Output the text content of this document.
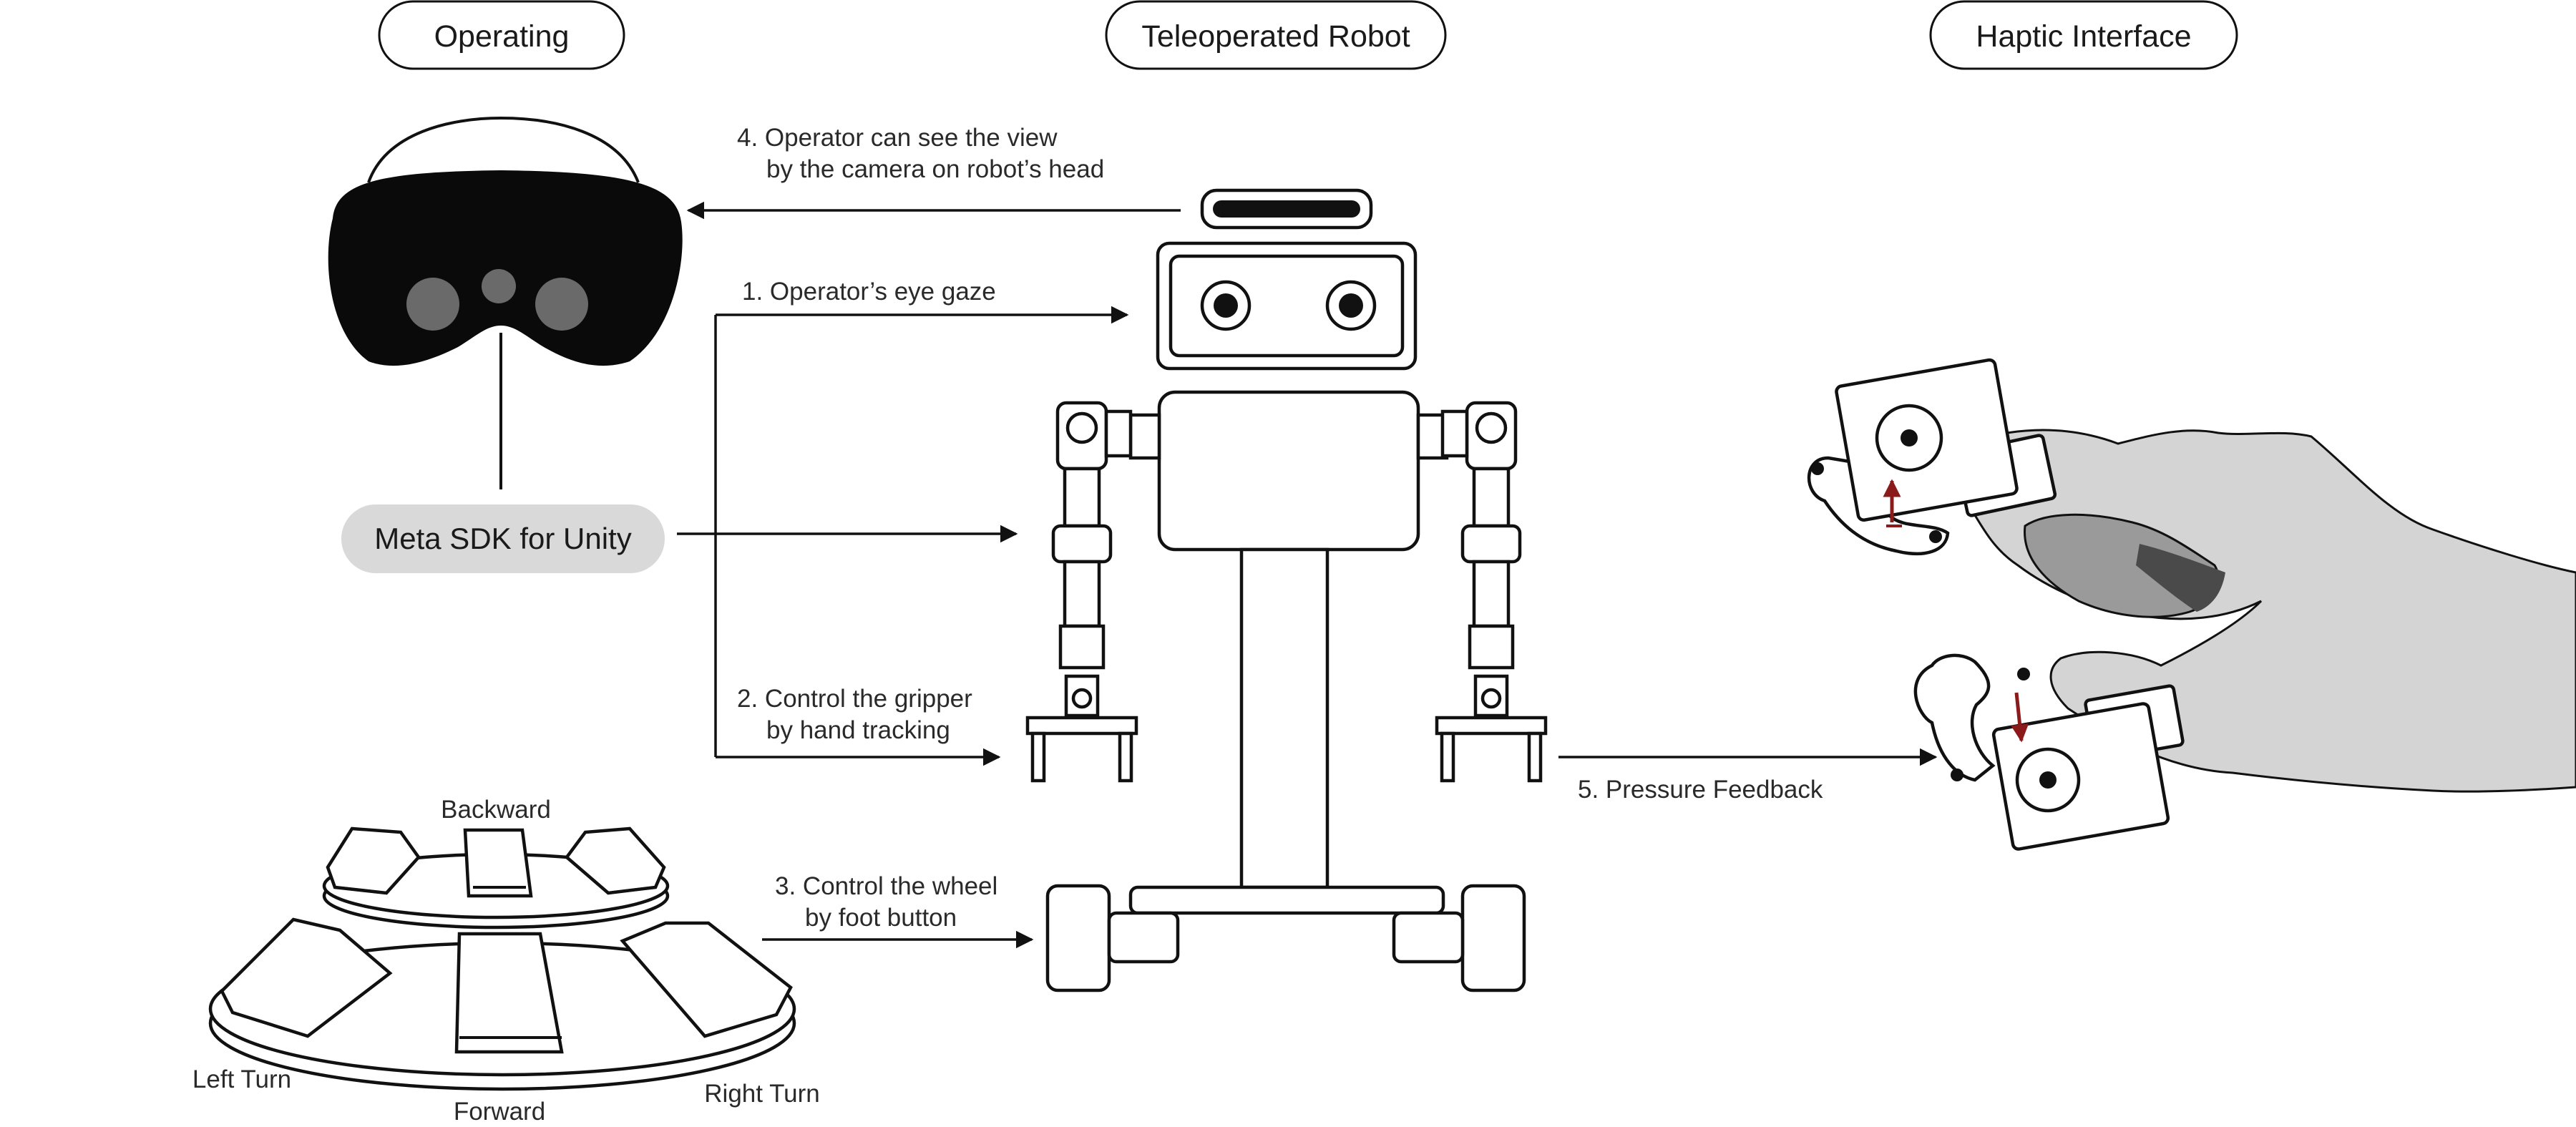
Operating	Teleoperated Robot	Haptic Interface
Meta SDK for Unity
4. Operator can see the view
by the camera on robot’s head
1. Operator’s eye gaze
2. Control the gripper
by hand tracking
3. Control the wheel
by foot button
5. Pressure Feedback
Backward
Left Turn
Forward
Right Turn
